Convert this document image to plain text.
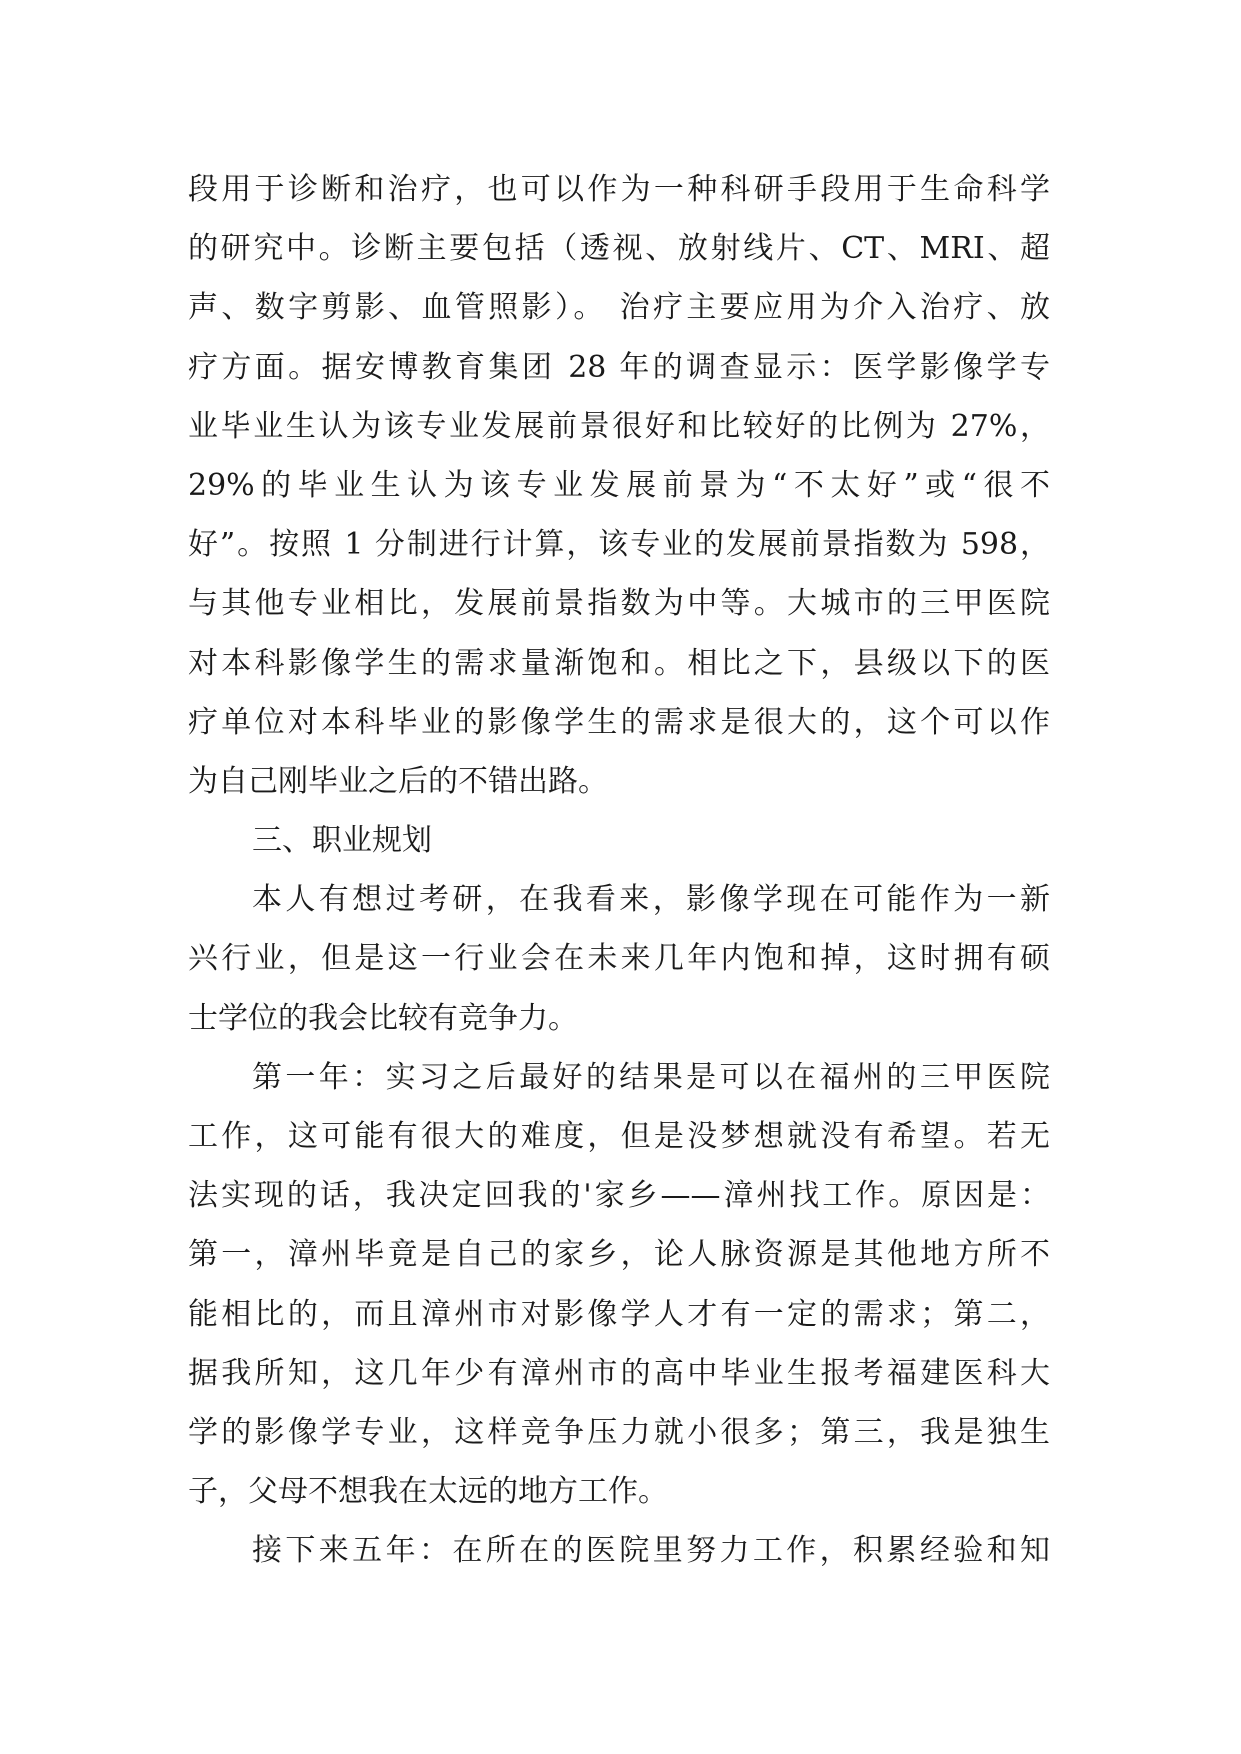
段用于诊断和治疗，也可以作为一种科研手段用于生命科学
的研究中。诊断主要包括（透视、放射线片、CT、MRI、超
声、数字剪影、血管照影）。 治疗主要应用为介入治疗、放
疗方面。据安博教育集团 28 年的调查显示：医学影像学专
业毕业生认为该专业发展前景很好和比较好的比例为 27%，
29%的毕业生认为该专业发展前景为“不太好”或“很不
好”。按照 1 分制进行计算，该专业的发展前景指数为 598，
与其他专业相比，发展前景指数为中等。大城市的三甲医院
对本科影像学生的需求量渐饱和。相比之下，县级以下的医
疗单位对本科毕业的影像学生的需求是很大的，这个可以作
为自己刚毕业之后的不错出路。
三、职业规划
本人有想过考研，在我看来，影像学现在可能作为一新
兴行业，但是这一行业会在未来几年内饱和掉，这时拥有硕
士学位的我会比较有竞争力。
第一年：实习之后最好的结果是可以在福州的三甲医院
工作，这可能有很大的难度，但是没梦想就没有希望。若无
法实现的话，我决定回我的'家乡——漳州找工作。原因是：
第一，漳州毕竟是自己的家乡，论人脉资源是其他地方所不
能相比的，而且漳州市对影像学人才有一定的需求；第二，
据我所知，这几年少有漳州市的高中毕业生报考福建医科大
学的影像学专业，这样竞争压力就小很多；第三，我是独生
子，父母不想我在太远的地方工作。
接下来五年：在所在的医院里努力工作，积累经验和知
